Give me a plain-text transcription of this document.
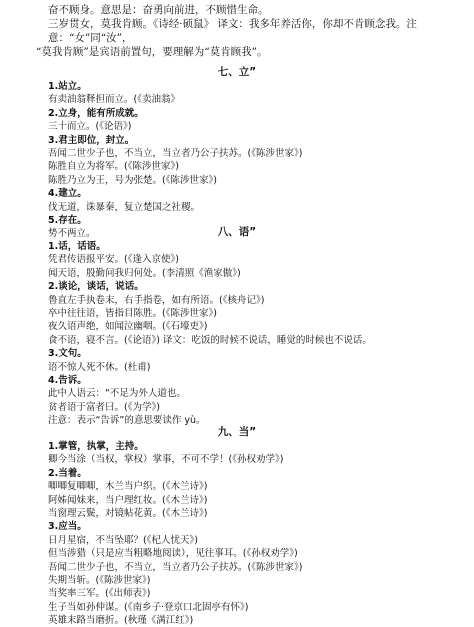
奋不顾身。意思是：奋勇向前进，不顾惜生命。

三岁贯女，莫我肯顾。《诗经·硕鼠》 译文：我多年养活你，你却不肯顾念我。注意：“女”同“汝”，

“莫我肯顾”是宾语前置句，要理解为“莫肯顾我”。

七、立”
1.站立。
有卖油翁释担而立。(《卖油翁》
2.立身，能有所成就。
三十而立。(《论语》)
3.君主即位，封立。
吾闻二世少子也，不当立，当立者乃公子扶苏。(《陈涉世家》)
陈胜自立为将军。(《陈涉世家》)
陈胜乃立为王，号为张楚。(《陈涉世家》)
4.建立。
伐无道，诛暴秦，复立楚国之社稷。
5.存在。
势不两立。	八、语”
1.话，话语。
凭君传语报平安。(《逢入京使》)
闻天语，殷勤问我归何处。(李清照《渔家傲》)
2.谈论，谈话，说话。
鲁直左手执卷末，右手指卷，如有所语。(《核舟记》)
卒中往往语，皆指目陈胜。(《陈涉世家》)
夜久语声绝，如闻泣幽咽。(《石壕吏》)
食不语，寝不言。(《论语》) 译文：吃饭的时候不说话，睡觉的时候也不说话。
3.文句。
语不惊人死不休。(杜甫)
4.告诉。
此中人语云：“不足为外人道也。
贫者语于富者曰。(《为学》)
注意：表示“告诉”的意思要读作 yù。
九、当”
1.掌管，执掌，主持。
卿今当涂（当权，掌权）掌事，不可不学！(《孙权劝学》)
2.当着。
唧唧复唧唧，木兰当户织。(《木兰诗》)
阿姊闻妹来，当户理红妆。(《木兰诗》)
当窗理云鬓，对镜帖花黄。(《木兰诗》)
3.应当。
日月星宿，不当坠耶？(《杞人忧天》)
但当涉猎（只是应当粗略地阅读），见往事耳。(《孙权劝学》)
吾闻二世少子也，不当立，当立者乃公子扶苏。(《陈涉世家》)
失期当斩。(《陈涉世家》)
当奖率三军。(《出师表》)
生子当如孙仲谋。(《南乡子·登京口北固亭有怀》)
英雄末路当磨折。(秋瑾《满江红》)
